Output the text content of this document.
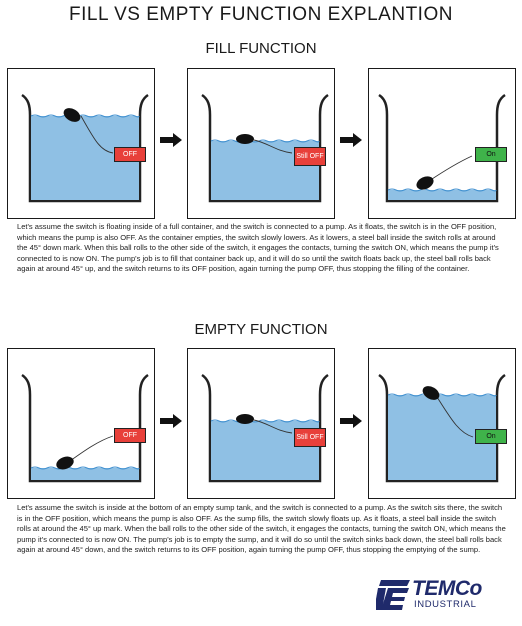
FILL VS EMPTY FUNCTION EXPLANTION
FILL FUNCTION
OFF	Still OFF	On
Let's assume the switch is floating inside of a full container, and the switch is connected to a pump. As it floats, the switch is in the OFF position, which means the pump is also OFF. As the container empties, the switch slowly lowers. As it lowers, a steel ball inside the switch rolls at around the 45° down mark. When this ball rolls to the other side of the switch, it engages the contacts, turning the switch ON, which means the pump it's connected to is now ON. The pump's job is to fill that container back up, and it will do so until the switch floats back up, the steel ball rolls back again at around 45° up, and the switch returns to its OFF position, again turning the pump OFF, thus stopping the filling of the container.
EMPTY FUNCTION
OFF	Still OFF	On
Let's assume the switch is inside at the bottom of an empty sump tank, and the switch is connected to a pump. As the switch sits there, the switch is in the OFF position, which means the pump is also OFF. As the sump fills, the switch slowly floats up. As it floats, a steel ball inside the switch rolls at around the 45° up mark. When the ball rolls to the other side of the switch, it engages the contacts, turning the switch ON, which means the pump it's connected to is now ON. The pump's job is to empty the sump, and it will do so until the switch sinks back down, the steel ball rolls back again at around 45° down, and the switch returns to its OFF position, again turning the pump OFF, thus stopping the emptying of the sump.
TEMCo
INDUSTRIAL
